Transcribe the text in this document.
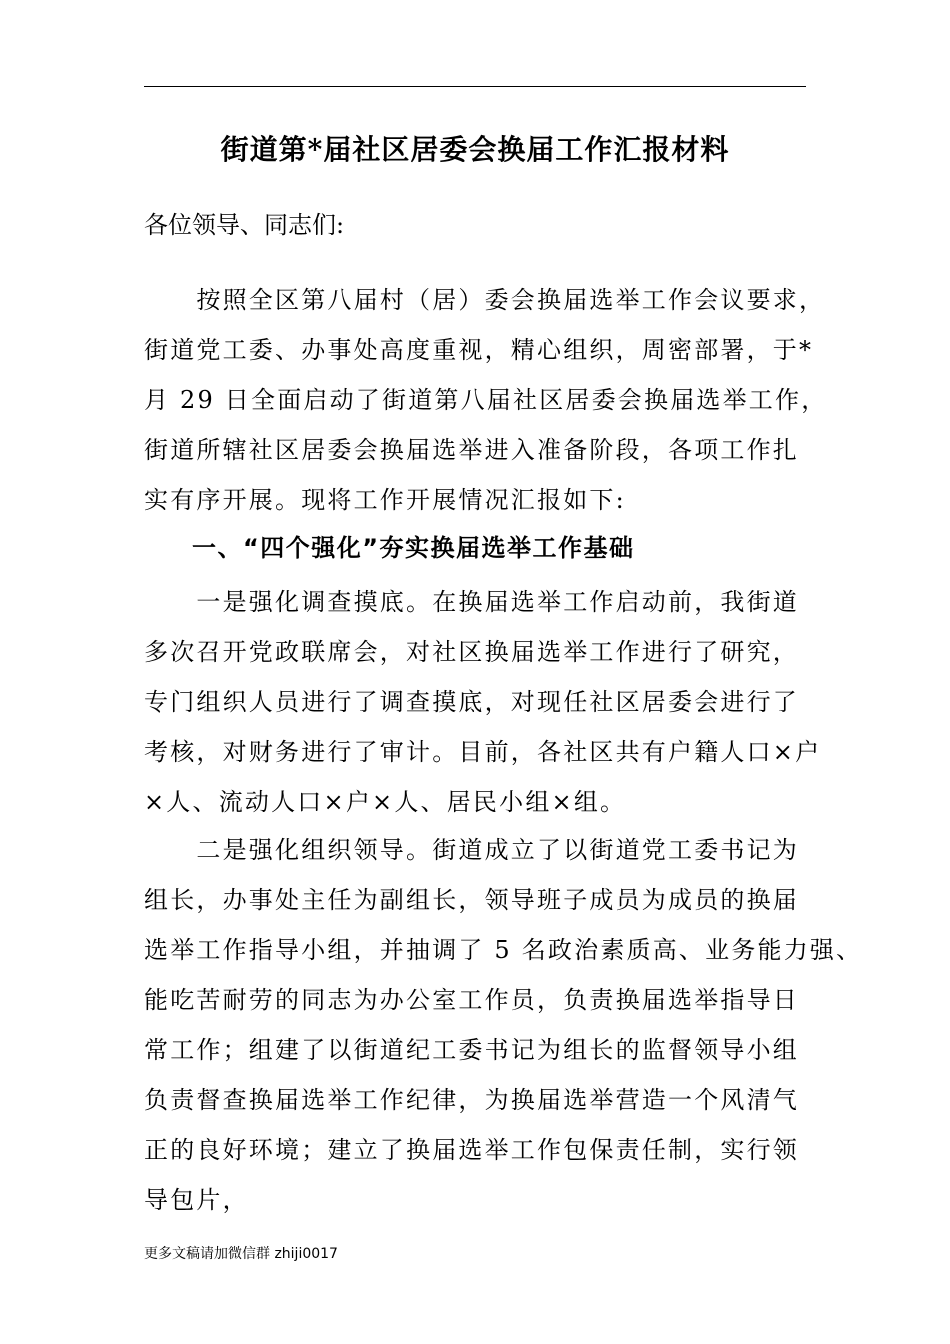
街道第*届社区居委会换届工作汇报材料
各位领导、同志们:
　　按照全区第八届村（居）委会换届选举工作会议要求，
街道党工委、办事处高度重视，精心组织，周密部署，于*
月 29 日全面启动了街道第八届社区居委会换届选举工作，
街道所辖社区居委会换届选举进入准备阶段，各项工作扎
实有序开展。现将工作开展情况汇报如下:
一、“四个强化”夯实换届选举工作基础
　　一是强化调查摸底。在换届选举工作启动前，我街道
多次召开党政联席会，对社区换届选举工作进行了研究，
专门组织人员进行了调查摸底，对现任社区居委会进行了
考核，对财务进行了审计。目前，各社区共有户籍人口×户
×人、流动人口×户×人、居民小组×组。
　　二是强化组织领导。街道成立了以街道党工委书记为
组长，办事处主任为副组长，领导班子成员为成员的换届
选举工作指导小组，并抽调了 5 名政治素质高、业务能力强、
能吃苦耐劳的同志为办公室工作员，负责换届选举指导日
常工作；组建了以街道纪工委书记为组长的监督领导小组
负责督查换届选举工作纪律，为换届选举营造一个风清气
正的良好环境；建立了换届选举工作包保责任制，实行领
导包片，
更多文稿请加微信群 zhiji0017
